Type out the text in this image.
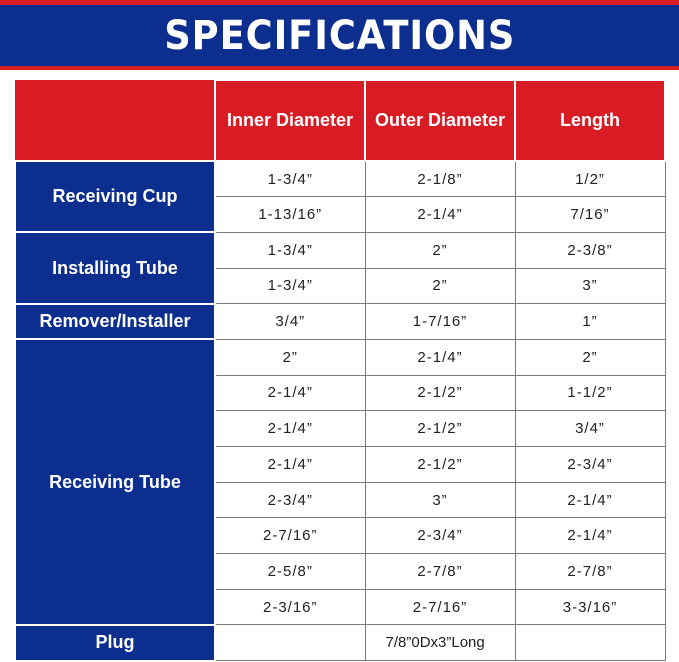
SPECIFICATIONS
	Inner Diameter	Outer Diameter	Length
Receiving Cup	1-3/4”	2-1/8”	1/2”
	1-13/16”	2-1/4”	7/16”
Installing Tube	1-3/4”	2”	2-3/8”
	1-3/4”	2”	3”
Remover/Installer	3/4”	1-7/16”	1”
Receiving Tube	2”	2-1/4”	2”
	2-1/4”	2-1/2”	1-1/2”
	2-1/4”	2-1/2”	3/4”
	2-1/4”	2-1/2”	2-3/4”
	2-3/4”	3”	2-1/4”
	2-7/16”	2-3/4”	2-1/4”
	2-5/8”	2-7/8”	2-7/8”
	2-3/16”	2-7/16”	3-3/16”
Plug		7/8”0Dx3”Long	
